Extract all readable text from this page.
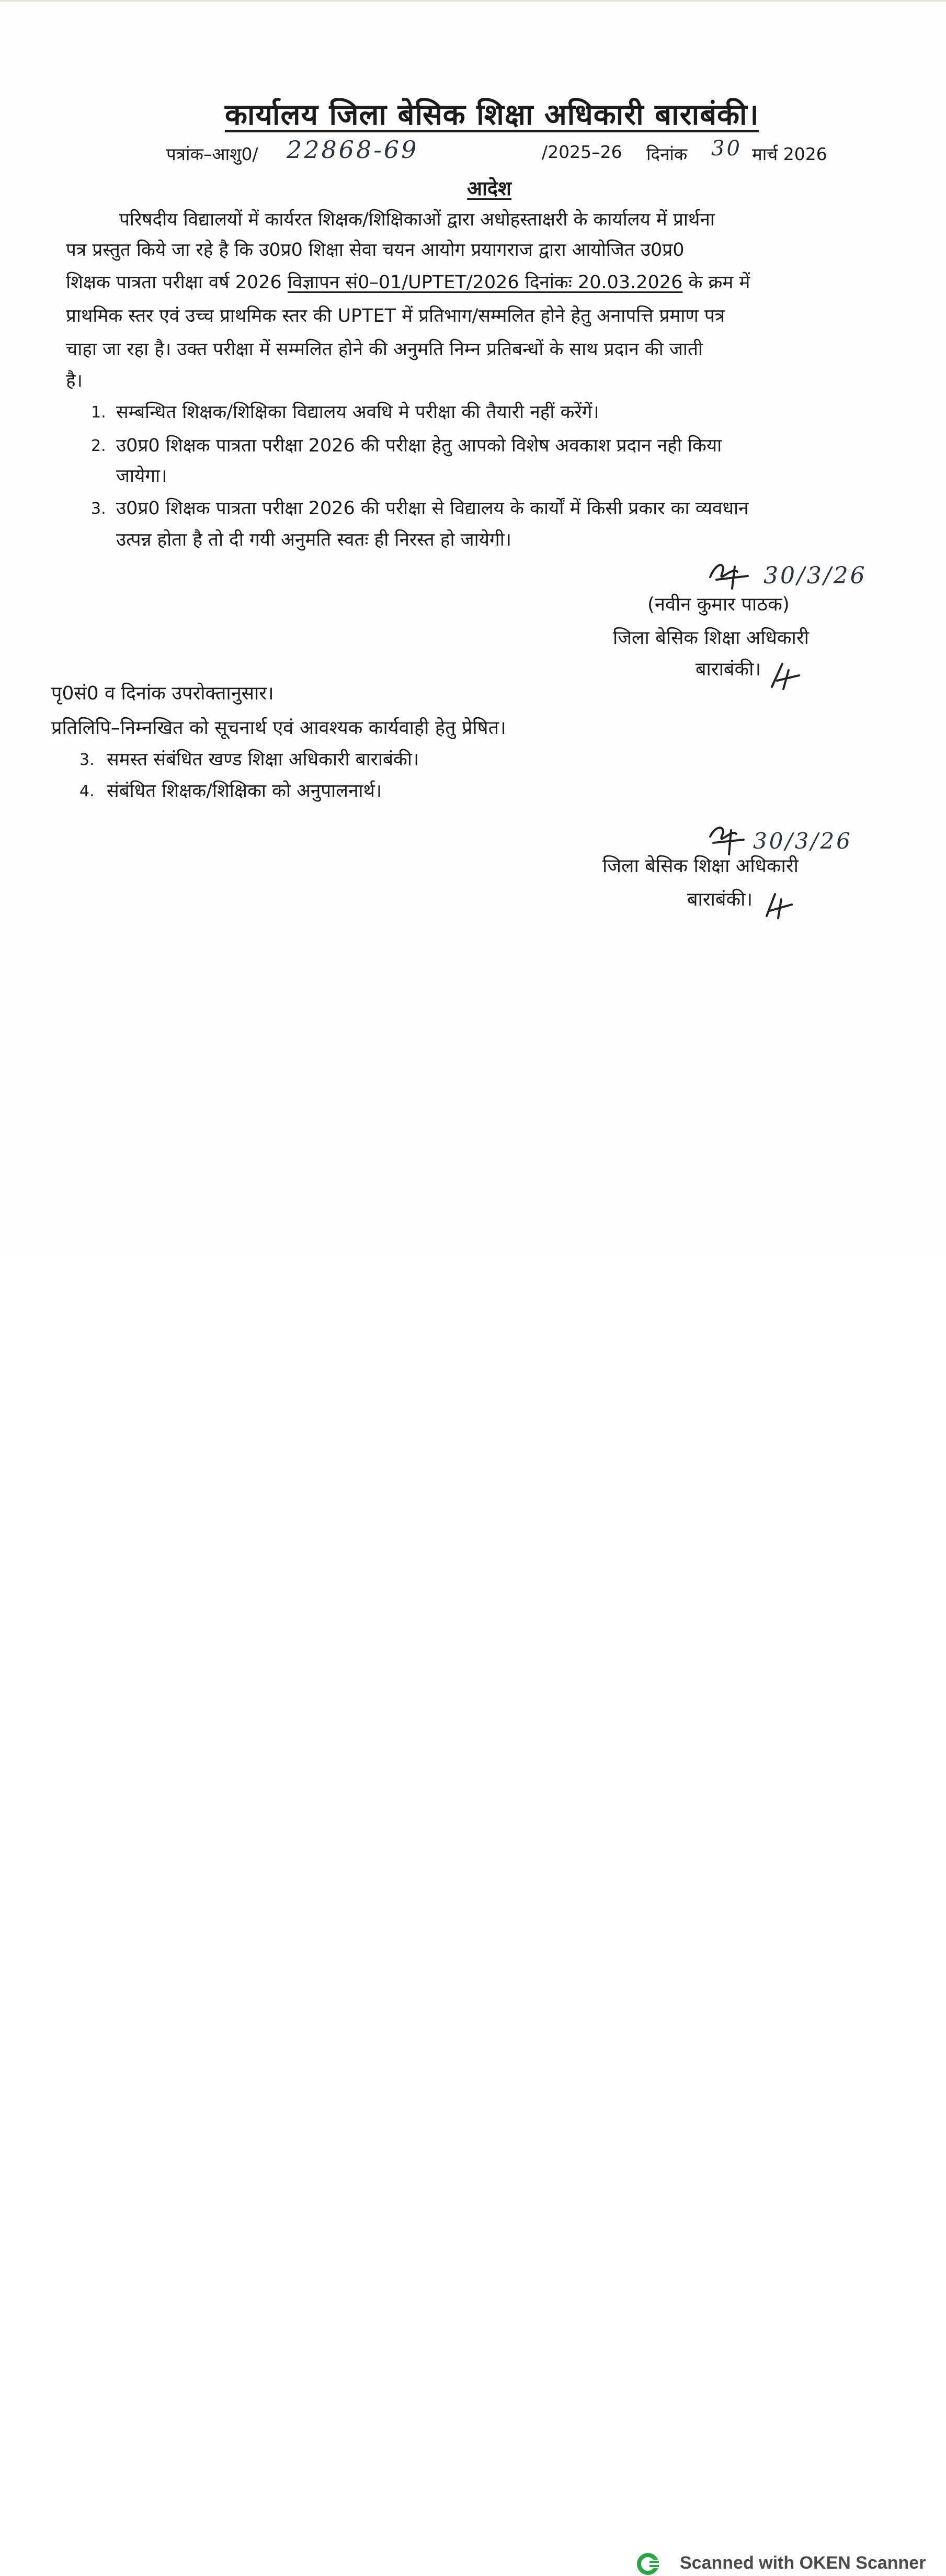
कार्यालय जिला बेसिक शिक्षा अधिकारी बाराबंकी।
पत्रांक–आशु0/ 22868-69	/2025–26 दिनांक 30 मार्च 2026
आदेश
परिषदीय विद्यालयों में कार्यरत शिक्षक/शिक्षिकाओं द्वारा अधोहस्ताक्षरी के कार्यालय में प्रार्थना
पत्र प्रस्तुत किये जा रहे है कि उ0प्र0 शिक्षा सेवा चयन आयोग प्रयागराज द्वारा आयोजित उ0प्र0
शिक्षक पात्रता परीक्षा वर्ष 2026 विज्ञापन सं0–01/UPTET/2026 दिनांकः 20.03.2026 के क्रम में
प्राथमिक स्तर एवं उच्च प्राथमिक स्तर की UPTET में प्रतिभाग/सम्मलित होने हेतु अनापत्ति प्रमाण पत्र
चाहा जा रहा है। उक्त परीक्षा में सम्मलित होने की अनुमति निम्न प्रतिबन्धों के साथ प्रदान की जाती
है।
1. सम्बन्धित शिक्षक/शिक्षिका विद्यालय अवधि मे परीक्षा की तैयारी नहीं करेंगें।
2. उ0प्र0 शिक्षक पात्रता परीक्षा 2026 की परीक्षा हेतु आपको विशेष अवकाश प्रदान नही किया
जायेगा।
3. उ0प्र0 शिक्षक पात्रता परीक्षा 2026 की परीक्षा से विद्यालय के कार्यों में किसी प्रकार का व्यवधान
उत्पन्न होता है तो दी गयी अनुमति स्वतः ही निरस्त हो जायेगी।
30/3/26
(नवीन कुमार पाठक)
जिला बेसिक शिक्षा अधिकारी
बाराबंकी।
पृ0सं0 व दिनांक उपरोक्तानुसार।
प्रतिलिपि–निम्नखित को सूचनार्थ एवं आवश्यक कार्यवाही हेतु प्रेषित।
3. समस्त संबंधित खण्ड शिक्षा अधिकारी बाराबंकी।
4. संबंधित शिक्षक/शिक्षिका को अनुपालनार्थ।
30/3/26
जिला बेसिक शिक्षा अधिकारी
बाराबंकी।
Scanned with OKEN Scanner
